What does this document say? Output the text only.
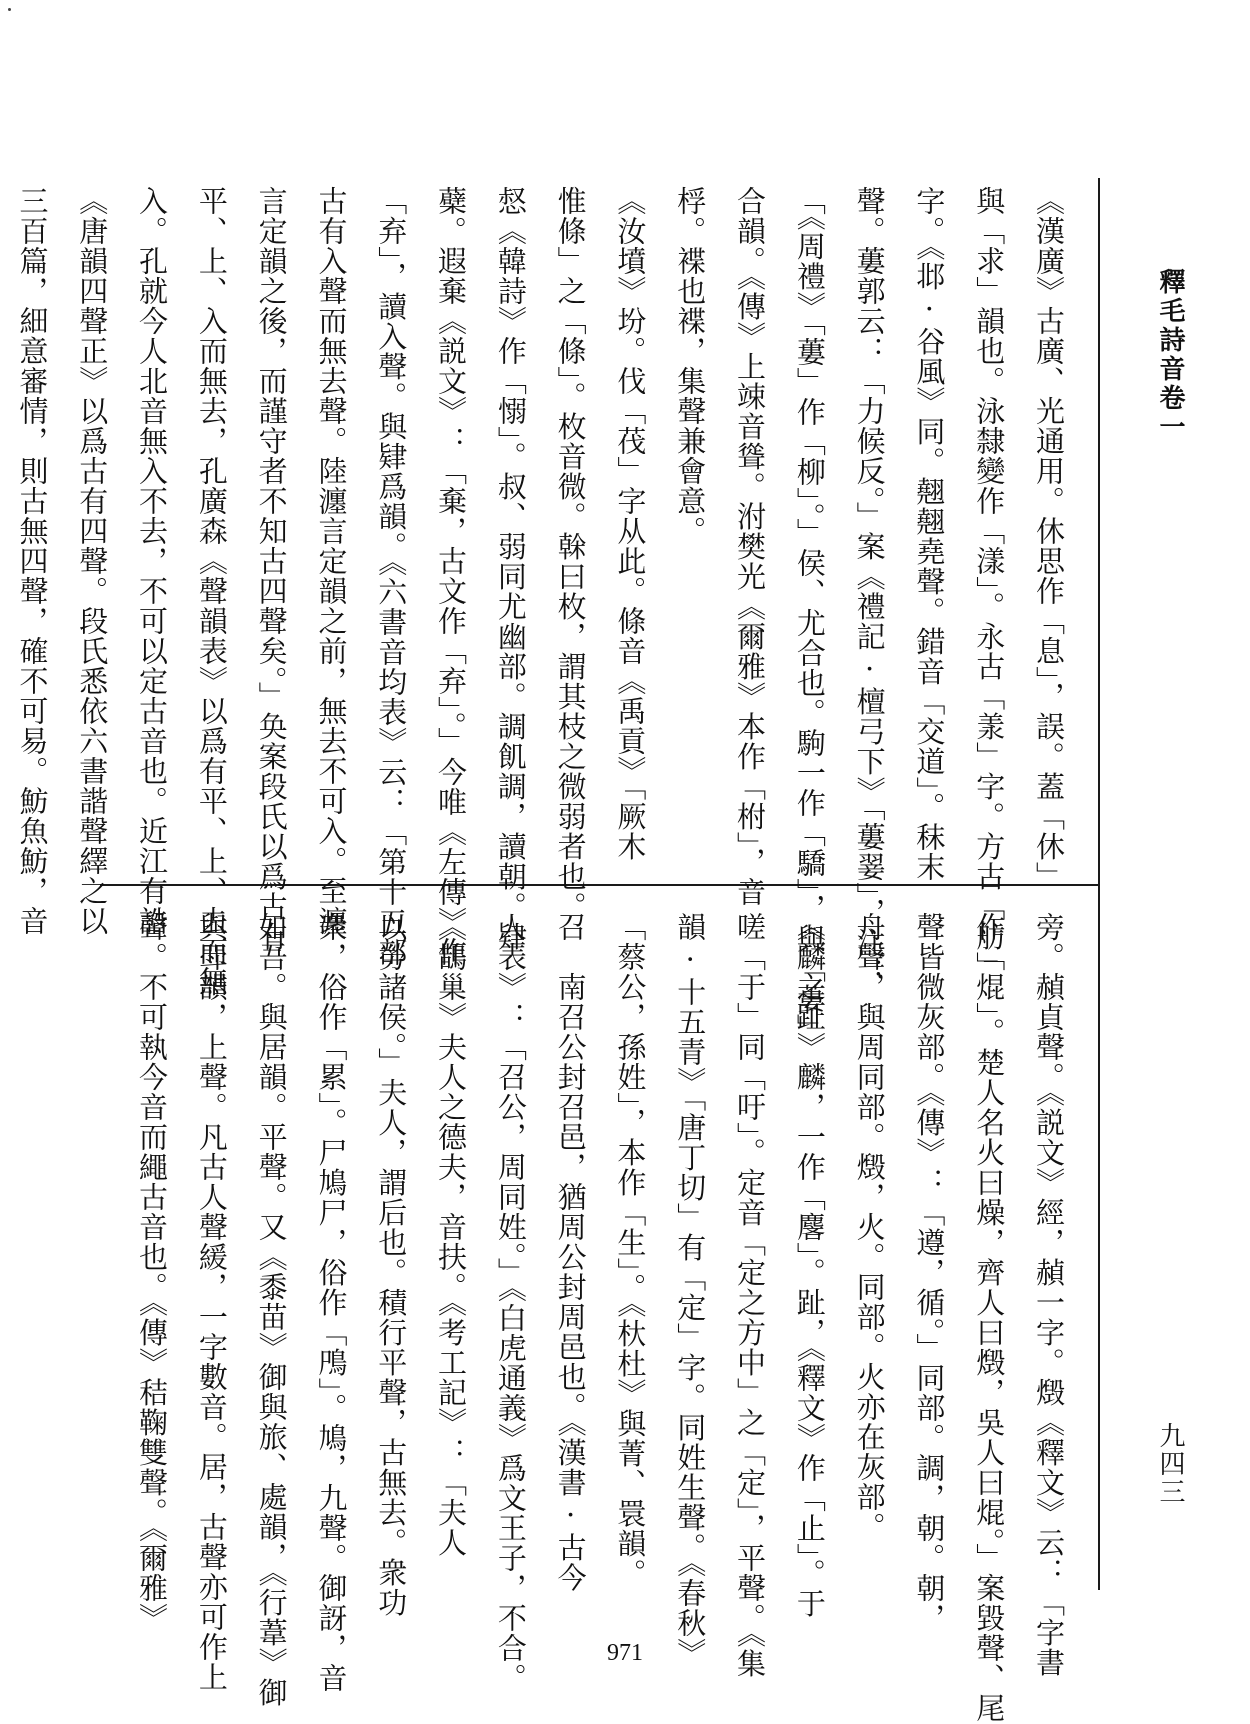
釋毛詩音卷一
九四三
《漢廣》古廣、光通用。休思作「息」，誤。蓋「休」
與「求」韻也。泳隸變作「漾」。永古「羕」字。方古「舫」
字。《邶·谷風》同。翹翹堯聲。錯音「交道」。秣末
聲。蔞郭云：「力候反。」案《禮記·檀弓下》「蔞翣」，注：
「《周禮》「蔞」作「柳」。」侯、尤合也。駒一作「驕」，與「蔞」
合韻。《傳》上竦音聳。泭樊光《爾雅》本作「柎」，音
桴。褋也褋，集聲兼會意。
《汝墳》坋。伐「茷」字从此。條音《禹貢》「厥木
惟條」之「條」。枚音微。榦曰枚，謂其枝之微弱者也。
惄《韓詩》作「愵」。叔、弱同尤幽部。調飢調，讀朝。肄
蘗。遐棄《説文》：「棄，古文作「弃」。」今唯《左傳》作
「弃」，讀入聲。與肄爲韻。《六書音均表》云：「第十五部
古有入聲而無去聲。陸瀍言定韻之前，無去不可入。至瀍
言定韻之後，而謹守者不知古四聲矣。」奂案段氏以爲古有
平、上、入而無去，孔廣森《聲韻表》以爲有平、上、去而無
入。孔就今人北音無入不去，不可以定古音也。近江有誥
《唐韻四聲正》以爲古有四聲。段氏悉依六書諧聲繹之以
三百篇，細意審情，則古無四聲，確不可易。魴魚魴，音
旁。赬貞聲。《説文》經，赬一字。燬《釋文》云：「字書
作「焜」。楚人名火曰燥，齊人曰燬，吳人曰焜。」案毀聲、尾
聲皆微灰部。《傳》：「遵，循。」同部。調，朝。朝，
舟聲，與周同部。燬，火。同部。火亦在灰部。
《麟之趾》麟，一作「麐」。趾，《釋文》作「止」。于
嗟「于」同「吁」。定音「定之方中」之「定」，平聲。《集
韻·十五青》「唐丁切」有「定」字。同姓生聲。《春秋》
「蔡公，孫姓」，本作「生」。《杕杜》與菁、睘韻。
召　南召公封召邑，猶周公封周邑也。《漢書·古今
人表》：「召公，周同姓。」《白虎通義》爲文王子，不合。
《鵲巢》夫人之德夫，音扶。《考工記》：「夫人
以勞諸侯。」夫人，謂后也。積行平聲，古無去。衆功
衆，俗作「累」。尸鳩尸，俗作「鳲」。鳩，九聲。御訝，音
如吾。與居韻。平聲。又《黍苗》御與旅、處韻，《行葦》御
與斝韻，上聲。凡古人聲緩，一字數音。居，古聲亦可作上
聲。不可執今音而繩古音也。《傳》秸鞠雙聲。《爾雅》
971
